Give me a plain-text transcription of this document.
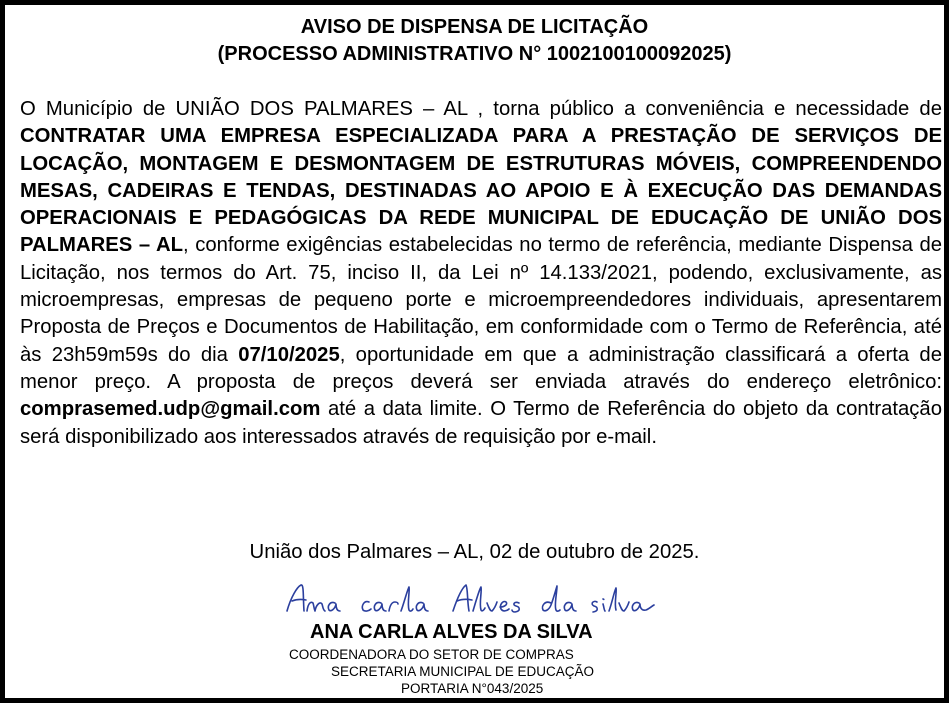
AVISO DE DISPENSA DE LICITAÇÃO
(PROCESSO ADMINISTRATIVO N° 1002100100092025)
O Município de UNIÃO DOS PALMARES – AL , torna público a conveniência e necessidade de CONTRATAR UMA EMPRESA ESPECIALIZADA PARA A PRESTAÇÃO DE SERVIÇOS DE LOCAÇÃO, MONTAGEM E DESMONTAGEM DE ESTRUTURAS MÓVEIS, COMPREENDENDO MESAS, CADEIRAS E TENDAS, DESTINADAS AO APOIO E À EXECUÇÃO DAS DEMANDAS OPERACIONAIS E PEDAGÓGICAS DA REDE MUNICIPAL DE EDUCAÇÃO DE UNIÃO DOS PALMARES – AL, conforme exigências estabelecidas no termo de referência, mediante Dispensa de Licitação, nos termos do Art. 75, inciso II, da Lei nº 14.133/2021, podendo, exclusivamente, as microempresas, empresas de pequeno porte e microempreendedores individuais, apresentarem Proposta de Preços e Documentos de Habilitação, em conformidade com o Termo de Referência, até às 23h59m59s do dia 07/10/2025, oportunidade em que a administração classificará a oferta de menor preço. A proposta de preços deverá ser enviada através do endereço eletrônico: comprasemed.udp@gmail.com até a data limite. O Termo de Referência do objeto da contratação será disponibilizado aos interessados através de requisição por e-mail.
União dos Palmares – AL, 02 de outubro de 2025.
ANA CARLA ALVES DA SILVA
COORDENADORA DO SETOR DE COMPRAS
SECRETARIA MUNICIPAL DE EDUCAÇÃO
PORTARIA N°043/2025
